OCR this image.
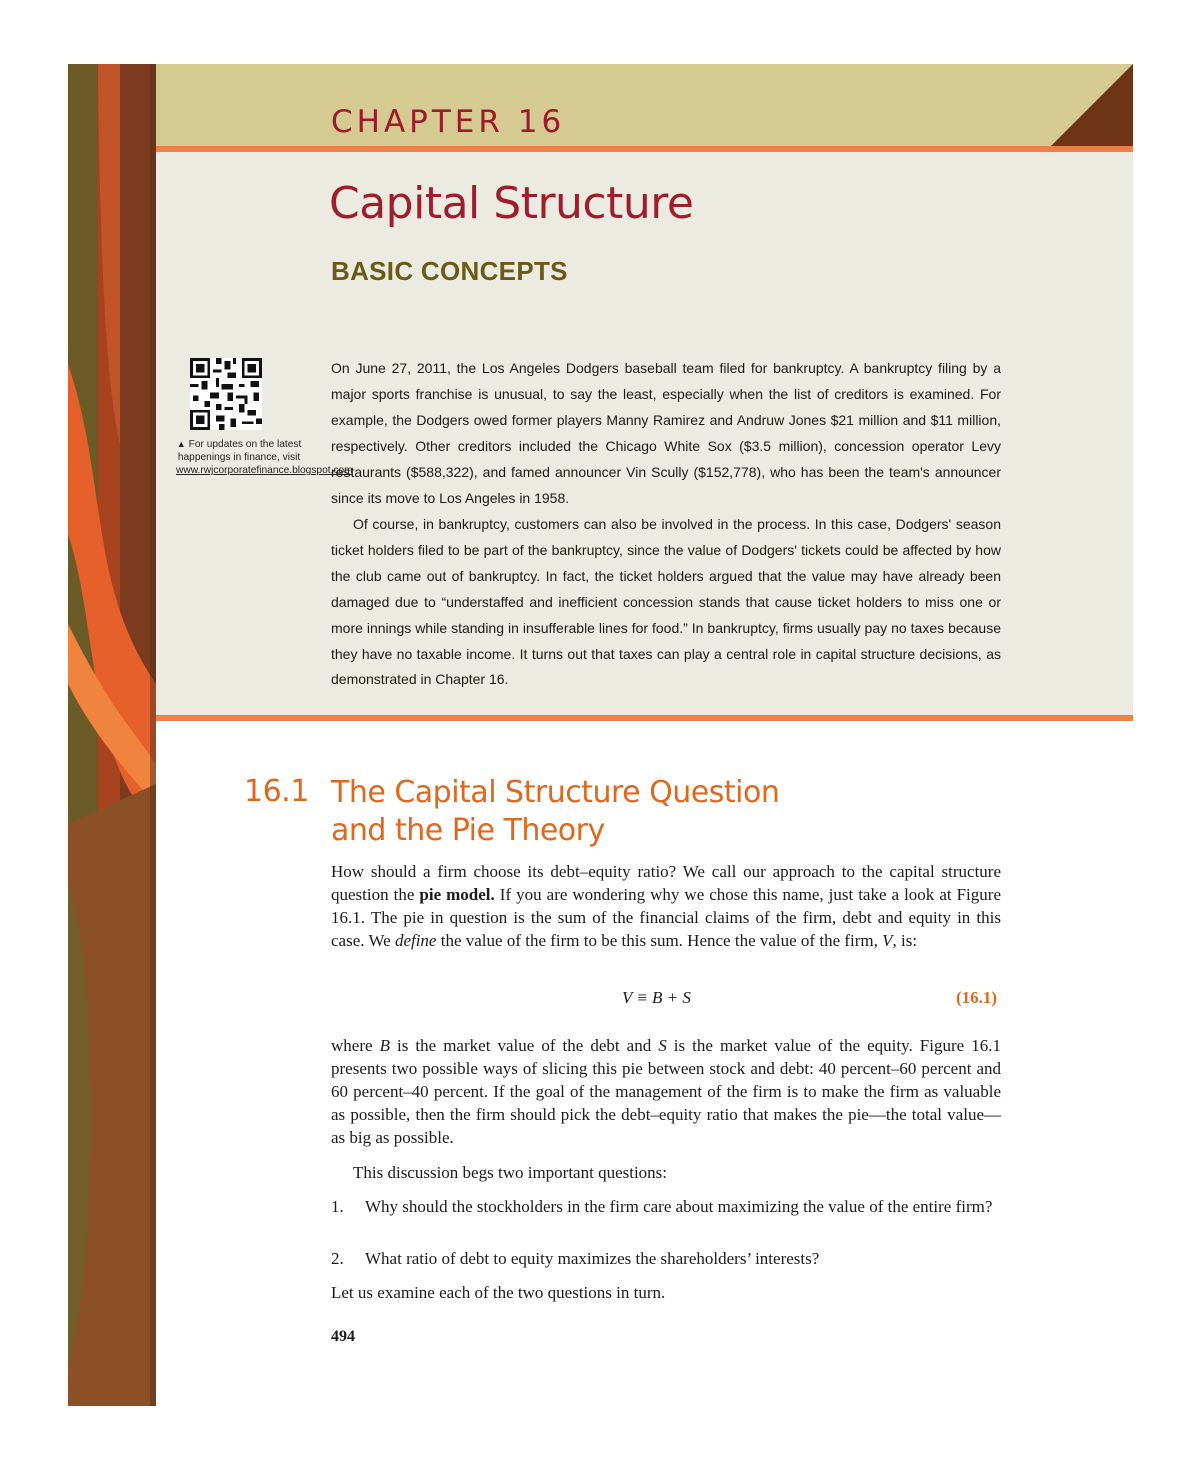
CHAPTER 16
Capital Structure
BASIC CONCEPTS

▲ For updates on the latest happenings in finance, visit www.rwjcorporatefinance.blogspot.com

On June 27, 2011, the Los Angeles Dodgers baseball team filed for bankruptcy. A bankruptcy filing by a major sports franchise is unusual, to say the least, especially when the list of creditors is examined. For example, the Dodgers owed former players Manny Ramirez and Andruw Jones $21 million and $11 million, respectively. Other creditors included the Chicago White Sox ($3.5 million), concession operator Levy restaurants ($588,322), and famed announcer Vin Scully ($152,778), who has been the team's announcer since its move to Los Angeles in 1958.

Of course, in bankruptcy, customers can also be involved in the process. In this case, Dodgers' season ticket holders filed to be part of the bankruptcy, since the value of Dodgers' tickets could be affected by how the club came out of bankruptcy. In fact, the ticket holders argued that the value may have already been damaged due to “understaffed and inefficient concession stands that cause ticket holders to miss one or more innings while standing in insufferable lines for food.” In bankruptcy, firms usually pay no taxes because they have no taxable income. It turns out that taxes can play a central role in capital structure decisions, as demonstrated in Chapter 16.

16.1 The Capital Structure Question
and the Pie Theory

How should a firm choose its debt–equity ratio? We call our approach to the capital structure question the pie model. If you are wondering why we chose this name, just take a look at Figure 16.1. The pie in question is the sum of the financial claims of the firm, debt and equity in this case. We define the value of the firm to be this sum. Hence the value of the firm, V, is:

V ≡ B + S	(16.1)

where B is the market value of the debt and S is the market value of the equity. Figure 16.1 presents two possible ways of slicing this pie between stock and debt: 40 percent–60 percent and 60 percent–40 percent. If the goal of the management of the firm is to make the firm as valuable as possible, then the firm should pick the debt–equity ratio that makes the pie—the total value—as big as possible.

This discussion begs two important questions:

1.	Why should the stockholders in the firm care about maximizing the value of the entire firm?
2.	What ratio of debt to equity maximizes the shareholders’ interests?

Let us examine each of the two questions in turn.

494
